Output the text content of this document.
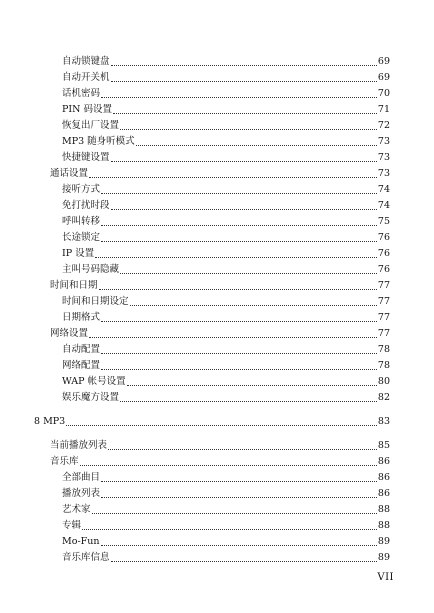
自动锁键盘	69
自动开关机	69
话机密码	70
PIN 码设置	71
恢复出厂设置	72
MP3 随身听模式	73
快捷键设置	73
通话设置	73
接听方式	74
免打扰时段	74
呼叫转移	75
长途锁定	76
IP 设置	76
主叫号码隐藏	76
时间和日期	77
时间和日期设定	77
日期格式	77
网络设置	77
自动配置	78
网络配置	78
WAP 帐号设置	80
娱乐魔方设置	82
8 MP3	83
当前播放列表	85
音乐库	86
全部曲目	86
播放列表	86
艺术家	88
专辑	88
Mo-Fun	89
音乐库信息	89
VII
